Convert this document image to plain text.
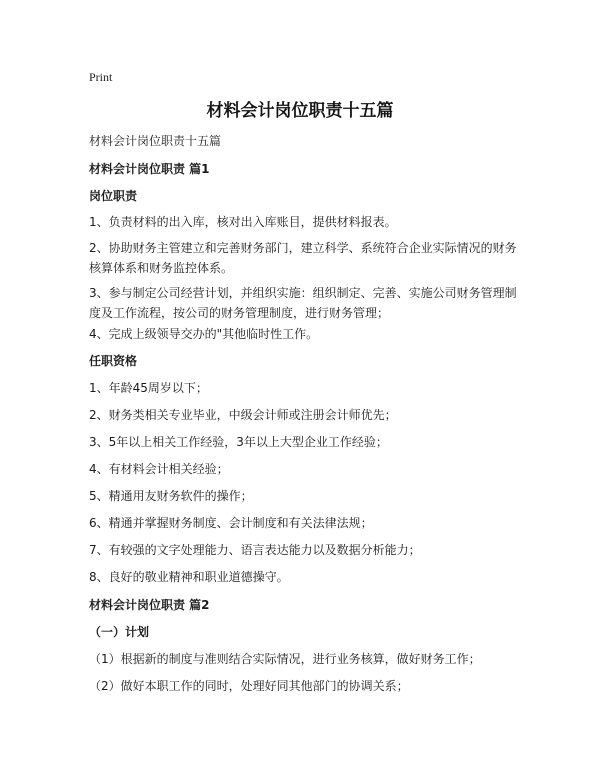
Print
材料会计岗位职责十五篇
材料会计岗位职责十五篇
材料会计岗位职责 篇1
岗位职责
1、负责材料的出入库，核对出入库账目，提供材料报表。
2、协助财务主管建立和完善财务部门，建立科学、系统符合企业实际情况的财务核算体系和财务监控体系。
3、参与制定公司经营计划，并组织实施：组织制定、完善、实施公司财务管理制度及工作流程，按公司的财务管理制度，进行财务管理；
4、完成上级领导交办的"其他临时性工作。
任职资格
1、年龄45周岁以下；
2、财务类相关专业毕业，中级会计师或注册会计师优先；
3、5年以上相关工作经验，3年以上大型企业工作经验；
4、有材料会计相关经验；
5、精通用友财务软件的操作；
6、精通并掌握财务制度、会计制度和有关法律法规；
7、有较强的文字处理能力、语言表达能力以及数据分析能力；
8、良好的敬业精神和职业道德操守。
材料会计岗位职责 篇2
（一）计划
（1）根据新的制度与准则结合实际情况，进行业务核算，做好财务工作；
（2）做好本职工作的同时，处理好同其他部门的协调关系；
